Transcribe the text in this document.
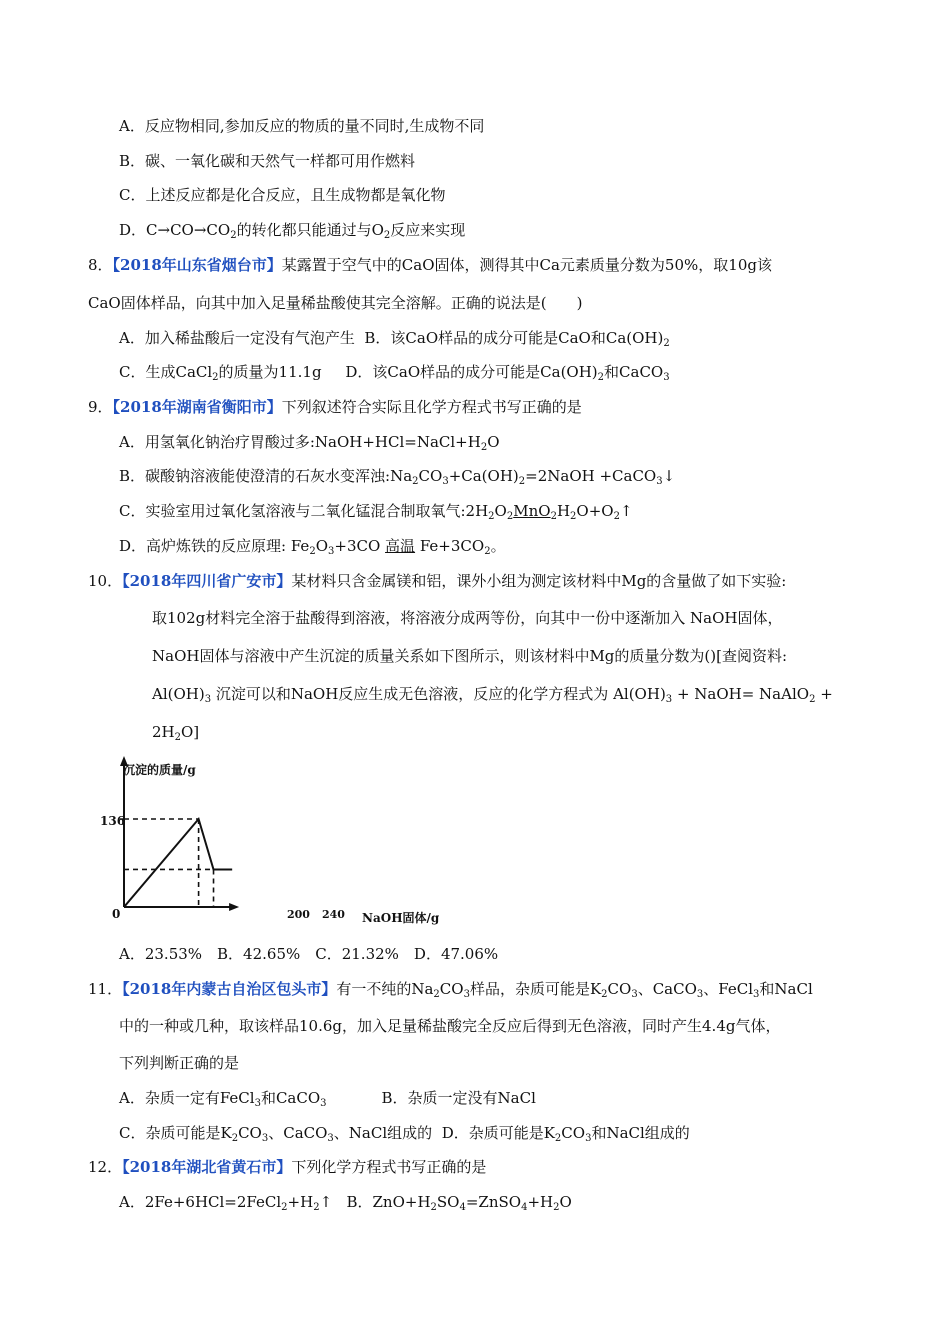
A．反应物相同,参加反应的物质的量不同时,生成物不同
B．碳、一氧化碳和天然气一样都可用作燃料
C．上述反应都是化合反应，且生成物都是氧化物
D．$C\to CO\to CO_2$的转化都只能通过与$O_2$反应来实现
8．【2018年山东省烟台市】某露置于空气中的CaO固体，测得其中Ca元素质量分数为50%，取10g该
CaO固体样品，向其中加入足量稀盐酸使其完全溶解。正确的说法是(　　)
A．加入稀盐酸后一定没有气泡产生 B．该CaO样品的成分可能是CaO和$Ca(OH)_2$
C．生成CaCl$_2$的质量为11.1g D．该CaO样品的成分可能是$Ca(OH)_2$和CaCO$_3$
9．【2018年湖南省衡阳市】下列叙述符合实际且化学方程式书写正确的是
A．用氢氧化钠治疗胃酸过多$:NaOH+HCl=NaCl+H_2O$
B．碳酸钠溶液能使澄清的石灰水变浑浊$:Na_2CO_3+Ca(OH)_2=2NaOH$ +CaCO$_3$↓
C．实验室用过氧化氢溶液与二氧化锰混合制取氧气$:2H_2O_2MnO_2H_2O+O_2↑$
D．高炉炼铁的反应原理: $Fe_2O_3+3CO$ 高温 $Fe+3CO_2$。
10．【2018年四川省广安市】某材料只含金属镁和铝，课外小组为测定该材料中Mg的含量做了如下实验:
取102g材料完全溶于盐酸得到溶液，将溶液分成两等份，向其中一份中逐渐加入 NaOH固体，
NaOH固体与溶液中产生沉淀的质量关系如下图所示，则该材料中Mg的质量分数为()[查阅资料:
$Al(OH)_3$ 沉淀可以和NaOH反应生成无色溶液，反应的化学方程式为 $Al(OH)_3$ + NaOH= NaAlO$_2$ +
$2H_2O$]
沉淀的质量/g
NaOH固体/g
0
136
200 240
A．23.53%　B．42.65%　C．21.32%　D．47.06%
11．【2018年内蒙古自治区包头市】有一不纯的$Na_2CO_3$样品，杂质可能是$K_2CO_3$、CaCO$_3$、FeCl$_3$和NaCl
中的一种或几种，取该样品10.6g，加入足量稀盐酸完全反应后得到无色溶液，同时产生4.4g气体，
下列判断正确的是
A．杂质一定有FeCl$_3$和CaCO$_3$	B．杂质一定没有NaCl
C．杂质可能是$K_2CO_3$、CaCO$_3$、NaCl组成的 D．杂质可能是$K_2CO_3$和NaCl组成的
12．【2018年湖北省黄石市】下列化学方程式书写正确的是
A．$2Fe+6HCl=2FeCl_2+H_2↑$ B．$ZnO+H_2SO_4=ZnSO_4+H_2O$
